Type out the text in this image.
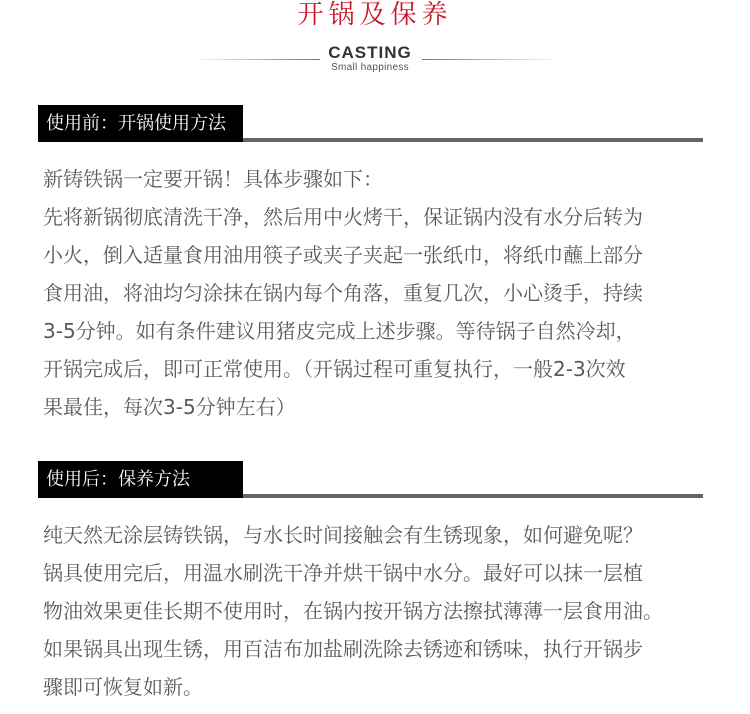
开锅及保养
CASTING
Small happiness
使用前：开锅使用方法

新铸铁锅一定要开锅！具体步骤如下：

先将新锅彻底清洗干净，然后用中火烤干，保证锅内没有水分后转为

小火，倒入适量食用油用筷子或夹子夹起一张纸巾，将纸巾蘸上部分

食用油，将油均匀涂抹在锅内每个角落，重复几次，小心烫手，持续

3-5分钟。如有条件建议用猪皮完成上述步骤。等待锅子自然冷却，

开锅完成后，即可正常使用。（开锅过程可重复执行，一般2-3次效

果最佳，每次3-5分钟左右）

使用后：保养方法

纯天然无涂层铸铁锅，与水长时间接触会有生锈现象，如何避免呢？

锅具使用完后，用温水刷洗干净并烘干锅中水分。最好可以抹一层植

物油效果更佳长期不使用时，在锅内按开锅方法擦拭薄薄一层食用油。

如果锅具出现生锈，用百洁布加盐刷洗除去锈迹和锈味，执行开锅步

骤即可恢复如新。
